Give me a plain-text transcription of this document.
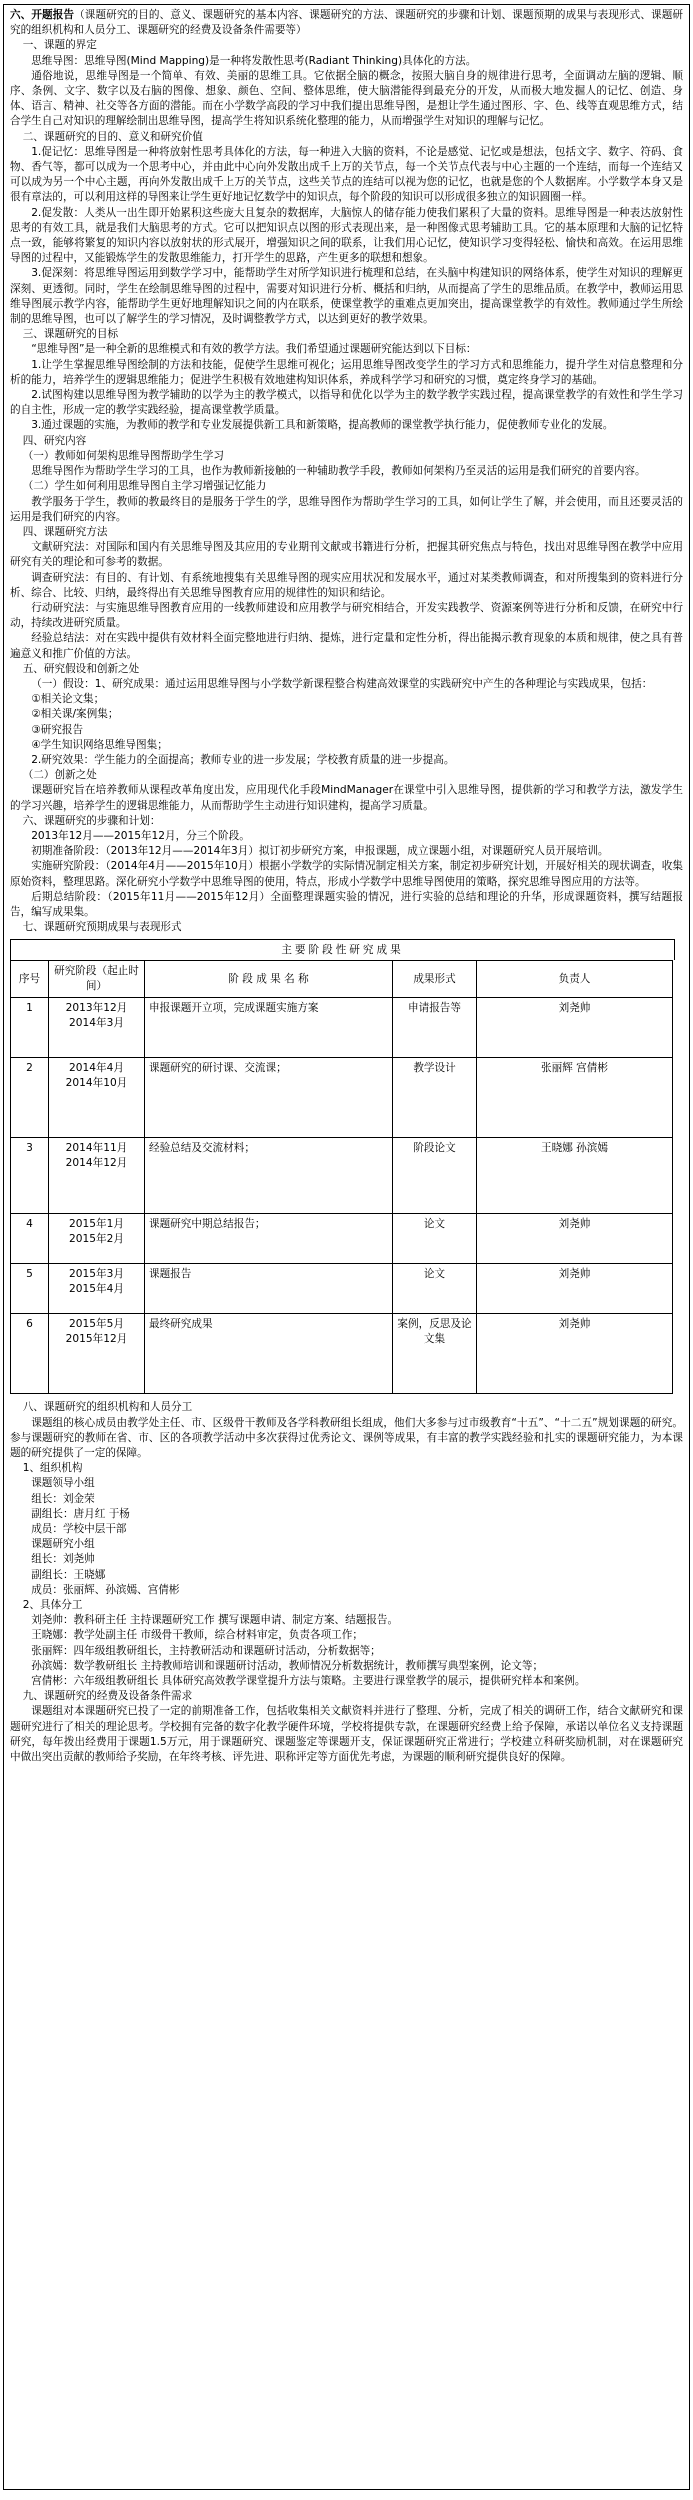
六、开题报告（课题研究的目的、意义、课题研究的基本内容、课题研究的方法、课题研究的步骤和计划、课题预期的成果与表现形式、课题研究的组织机构和人员分工、课题研究的经费及设备条件需要等）

一、课题的界定

思维导图：思维导图(Mind Mapping)是一种将发散性思考(Radiant Thinking)具体化的方法。

通俗地说，思维导图是一个简单、有效、美丽的思维工具。它依据全脑的概念，按照大脑自身的规律进行思考，全面调动左脑的逻辑、顺序、条例、文字、数字以及右脑的图像、想象、颜色、空间、整体思维，使大脑潜能得到最充分的开发，从而极大地发掘人的记忆、创造、身体、语言、精神、社交等各方面的潜能。而在小学数学高段的学习中我们提出思维导图，是想让学生通过图形、字、色、线等直观思维方式，结合学生自己对知识的理解绘制出思维导图，提高学生将知识系统化整理的能力，从而增强学生对知识的理解与记忆。

二、课题研究的目的、意义和研究价值

1.促记忆：思维导图是一种将放射性思考具体化的方法，每一种进入大脑的资料，不论是感觉、记忆或是想法，包括文字、数字、符码、食物、香气等，都可以成为一个思考中心，并由此中心向外发散出成千上万的关节点，每一个关节点代表与中心主题的一个连结，而每一个连结又可以成为另一个中心主题，再向外发散出成千上万的关节点，这些关节点的连结可以视为您的记忆，也就是您的个人数据库。小学数学本身又是很有章法的，可以利用这样的导图来让学生更好地记忆数学中的知识点，每个阶段的知识可以形成很多独立的知识圆圈一样。

2.促发散：人类从一出生即开始累积这些庞大且复杂的数据库，大脑惊人的储存能力使我们累积了大量的资料。思维导图是一种表达放射性思考的有效工具，就是我们大脑思考的方式。它可以把知识点以图的形式表现出来，是一种图像式思考辅助工具。它的基本原理和大脑的记忆特点一致，能够将繁复的知识内容以放射状的形式展开，增强知识之间的联系，让我们用心记忆，使知识学习变得轻松、愉快和高效。在运用思维导图的过程中，又能锻炼学生的发散思维能力，打开学生的思路，产生更多的联想和想象。

3.促深刻：将思维导图运用到数学学习中，能帮助学生对所学知识进行梳理和总结，在头脑中构建知识的网络体系，使学生对知识的理解更深刻、更透彻。同时，学生在绘制思维导图的过程中，需要对知识进行分析、概括和归纳，从而提高了学生的思维品质。在教学中，教师运用思维导图展示教学内容，能帮助学生更好地理解知识之间的内在联系，使课堂教学的重难点更加突出，提高课堂教学的有效性。教师通过学生所绘制的思维导图，也可以了解学生的学习情况，及时调整教学方式，以达到更好的教学效果。

三、课题研究的目标

“思维导图”是一种全新的思维模式和有效的教学方法。我们希望通过课题研究能达到以下目标：

1.让学生掌握思维导图绘制的方法和技能，促使学生思维可视化；运用思维导图改变学生的学习方式和思维能力，提升学生对信息整理和分析的能力，培养学生的逻辑思维能力；促进学生积极有效地建构知识体系，养成科学学习和研究的习惯，奠定终身学习的基础。

2.试图构建以思维导图为教学辅助的以学为主的教学模式，以指导和优化以学为主的数学教学实践过程，提高课堂教学的有效性和学生学习的自主性，形成一定的教学实践经验，提高课堂教学质量。

3.通过课题的实施，为教师的教学和专业发展提供新工具和新策略，提高教师的课堂教学执行能力，促使教师专业化的发展。

四、研究内容

（一）教师如何架构思维导图帮助学生学习

思维导图作为帮助学生学习的工具，也作为教师新接触的一种辅助教学手段，教师如何架构乃至灵活的运用是我们研究的首要内容。

（二）学生如何利用思维导图自主学习增强记忆能力

教学服务于学生，教师的教最终目的是服务于学生的学，思维导图作为帮助学生学习的工具，如何让学生了解，并会使用，而且还要灵活的运用是我们研究的内容。

四、课题研究方法

文献研究法：对国际和国内有关思维导图及其应用的专业期刊文献或书籍进行分析，把握其研究焦点与特色，找出对思维导图在教学中应用研究有关的理论和可参考的数据。

调查研究法：有目的、有计划、有系统地搜集有关思维导图的现实应用状况和发展水平，通过对某类教师调查，和对所搜集到的资料进行分析、综合、比较、归纳，最终得出有关思维导图教育应用的规律性的知识和结论。

行动研究法：与实施思维导图教育应用的一线教师建设和应用教学与研究相结合，开发实践教学、资源案例等进行分析和反馈，在研究中行动，持续改进研究质量。

经验总结法：对在实践中提供有效材料全面完整地进行归纳、提炼，进行定量和定性分析，得出能揭示教育现象的本质和规律，使之具有普遍意义和推广价值的方法。

五、研究假设和创新之处

（一）假设：1、研究成果：通过运用思维导图与小学数学新课程整合构建高效课堂的实践研究中产生的各种理论与实践成果，包括：

①相关论文集；

②相关课/案例集；

③研究报告

④学生知识网络思维导图集；

2.研究效果：学生能力的全面提高；教师专业的进一步发展；学校教育质量的进一步提高。

（二）创新之处

课题研究旨在培养教师从课程改革角度出发，应用现代化手段MindManager在课堂中引入思维导图，提供新的学习和教学方法，激发学生的学习兴趣，培养学生的逻辑思维能力，从而帮助学生主动进行知识建构，提高学习质量。

六、课题研究的步骤和计划：

2013年12月——2015年12月，分三个阶段。

初期准备阶段：（2013年12月——2014年3月）拟订初步研究方案，申报课题，成立课题小组，对课题研究人员开展培训。

实施研究阶段：（2014年4月——2015年10月）根据小学数学的实际情况制定相关方案，制定初步研究计划，开展好相关的现状调查，收集原始资料，整理思路。深化研究小学数学中思维导图的使用，特点，形成小学数学中思维导图使用的策略，探究思维导图应用的方法等。

后期总结阶段：（2015年11月——2015年12月）全面整理课题实验的情况，进行实验的总结和理论的升华，形成课题资料，撰写结题报告，编写成果集。

七、课题研究预期成果与表现形式

主要阶段性研究成果
序号	研究阶段（起止时间）	阶 段 成 果 名 称	成果形式	负责人
1	2013年12月
2014年3月	申报课题开立项，完成课题实施方案	申请报告等	刘尧帅
2	2014年4月
2014年10月	课题研究的研讨课、交流课；	教学设计	张丽辉 宫倩彬
3	2014年11月
2014年12月	经验总结及交流材料；	阶段论文	王晓娜 孙滨嫣
4	2015年1月
2015年2月	课题研究中期总结报告；	论文	刘尧帅
5	2015年3月
2015年4月	课题报告	论文	刘尧帅
6	2015年5月
2015年12月	最终研究成果	案例，反思及论文集	刘尧帅

八、课题研究的组织机构和人员分工

课题组的核心成员由教学处主任、市、区级骨干教师及各学科教研组长组成，他们大多参与过市级教育“十五”、“十二五”规划课题的研究。参与课题研究的教师在省、市、区的各项教学活动中多次获得过优秀论文、课例等成果，有丰富的教学实践经验和扎实的课题研究能力，为本课题的研究提供了一定的保障。

1、组织机构

课题领导小组

组长：刘金荣

副组长：唐月红 于杨

成员：学校中层干部

课题研究小组

组长：刘尧帅

副组长：王晓娜

成员：张丽辉、孙滨嫣、宫倩彬

2、具体分工

刘尧帅：教科研主任 主持课题研究工作 撰写课题申请、制定方案、结题报告。

王晓娜：教学处副主任 市级骨干教师，综合材料审定，负责各项工作；

张丽辉：四年级组教研组长，主持教研活动和课题研讨活动，分析数据等；

孙滨嫣：数学教研组长 主持教师培训和课题研讨活动，教师情况分析数据统计，教师撰写典型案例，论文等；

宫倩彬：六年级组教研组长 具体研究高效教学课堂提升方法与策略。主要进行课堂教学的展示，提供研究样本和案例。

九、课题研究的经费及设备条件需求

课题组对本课题研究已投了一定的前期准备工作，包括收集相关文献资料并进行了整理、分析，完成了相关的调研工作，结合文献研究和课题研究进行了相关的理论思考。学校拥有完备的数字化教学硬件环境，学校将提供专款，在课题研究经费上给予保障，承诺以单位名义支持课题研究，每年拨出经费用于课题1.5万元，用于课题研究、课题鉴定等课题开支，保证课题研究正常进行；学校建立科研奖励机制，对在课题研究中做出突出贡献的教师给予奖励，在年终考核、评先进、职称评定等方面优先考虑，为课题的顺利研究提供良好的保障。
